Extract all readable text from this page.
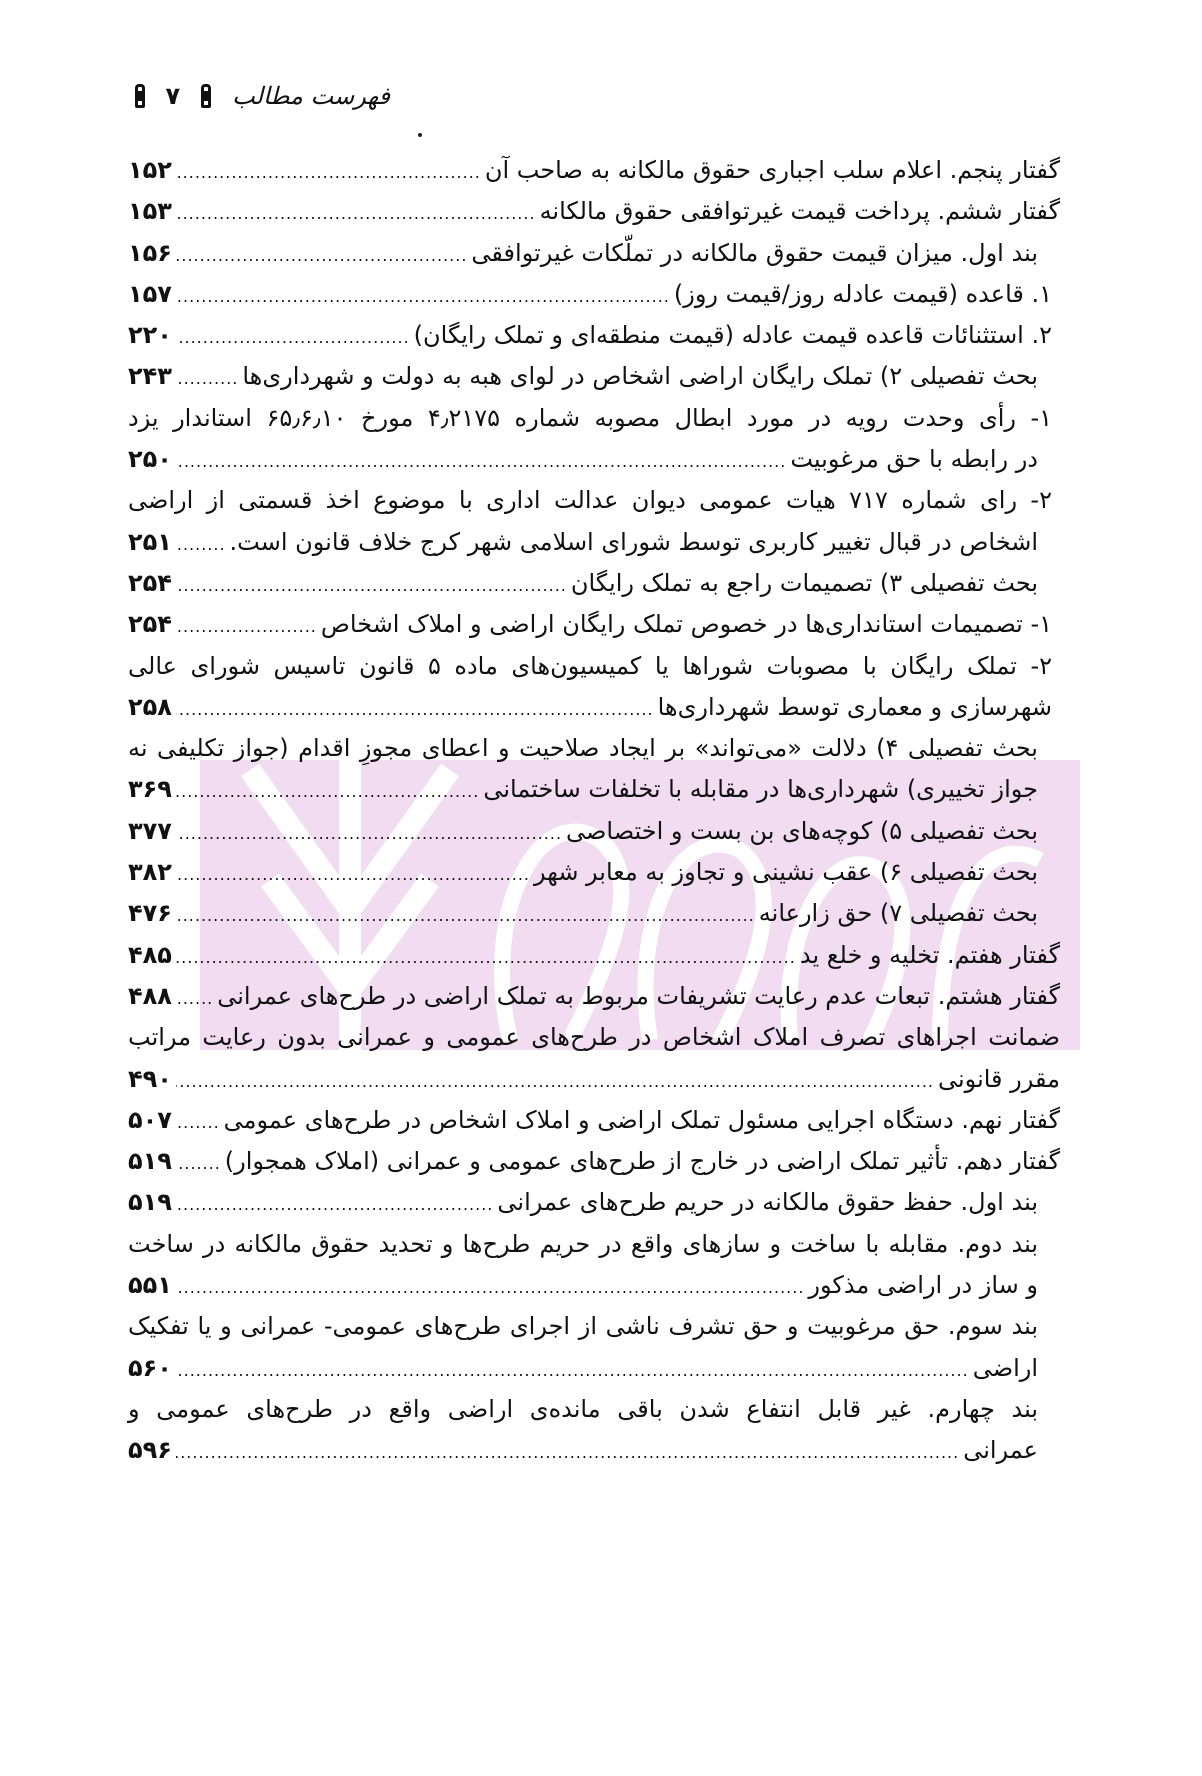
فهرست مطالب
۷
گفتار پنجم. اعلام سلب اجباری حقوق مالکانه به صاحب آن
.....
۱۵۲
گفتار ششم. پرداخت قیمت غیرتوافقی حقوق مالکانه
.....
۱۵۳
بند اول. میزان قیمت حقوق مالکانه در تملّکات غیرتوافقی
.....
۱۵۶
۱. قاعده (قیمت عادله روز/قیمت روز)
.....
۱۵۷
۲. استثنائات قاعده قیمت عادله (قیمت منطقه‌ای و تملک رایگان)
.....
۲۲۰
بحث تفصیلی ۲) تملک رایگان اراضی اشخاص در لوای هبه به دولت و شهرداری‌ها
.....
۲۴۳
۱- رأی وحدت رویه در مورد ابطال مصوبه شماره ۴٫۲۱۷۵ مورخ ۶۵٫۶٫۱۰ استاندار یزد
در رابطه با حق مرغوبیت
.....
۲۵۰
۲- رای شماره ۷۱۷ هیات عمومی دیوان عدالت اداری با موضوع اخذ قسمتی از اراضی
اشخاص در قبال تغییر کاربری توسط شورای اسلامی شهر کرج خلاف قانون است.
.....
۲۵۱
بحث تفصیلی ۳) تصمیمات راجع به تملک رایگان
.....
۲۵۴
۱- تصمیمات استانداری‌ها در خصوص تملک رایگان اراضی و املاک اشخاص
.....
۲۵۴
۲- تملک رایگان با مصوبات شوراها یا کمیسیون‌های ماده ۵ قانون تاسیس شورای عالی
شهرسازی و معماری توسط شهرداری‌ها
.....
۲۵۸
بحث تفصیلی ۴) دلالت «می‌تواند» بر ایجاد صلاحیت و اعطای مجوزِ اقدام (جواز تکلیفی نه
جواز تخییری) شهرداری‌ها در مقابله با تخلفات ساختمانی
.....
۳۶۹
بحث تفصیلی ۵) کوچه‌های بن بست و اختصاصی
.....
۳۷۷
بحث تفصیلی ۶) عقب نشینی و تجاوز به معابر شهر
.....
۳۸۲
بحث تفصیلی ۷) حق زارعانه
.....
۴۷۶
گفتار هفتم. تخلیه و خلع ید
.....
۴۸۵
گفتار هشتم. تبعات عدم رعایت تشریفات مربوط به تملک اراضی در طرح‌های عمرانی
.....
۴۸۸
ضمانت اجراهای تصرف املاک اشخاص در طرح‌های عمومی و عمرانی بدون رعایت مراتب
مقرر قانونی
.....
۴۹۰
گفتار نهم. دستگاه اجرایی مسئول تملک اراضی و املاک اشخاص در طرح‌های عمومی
.....
۵۰۷
گفتار دهم. تأثیر تملک اراضی در خارج از طرح‌های عمومی و عمرانی (املاک همجوار)
.....
۵۱۹
بند اول. حفظ حقوق مالکانه در حریم طرح‌های عمرانی
.....
۵۱۹
بند دوم. مقابله با ساخت و سازهای واقع در حریم طرح‌ها و تحدید حقوق مالکانه در ساخت
و ساز در اراضی مذکور
.....
۵۵۱
بند سوم. حق مرغوبیت و حق تشرف ناشی از اجرای طرح‌های عمومی- عمرانی و یا تفکیک
اراضی
.....
۵۶۰
بند چهارم. غیر قابل انتفاع شدن باقی مانده‌ی اراضی واقع در طرح‌های عمومی و
عمرانی
.....
۵۹۶
